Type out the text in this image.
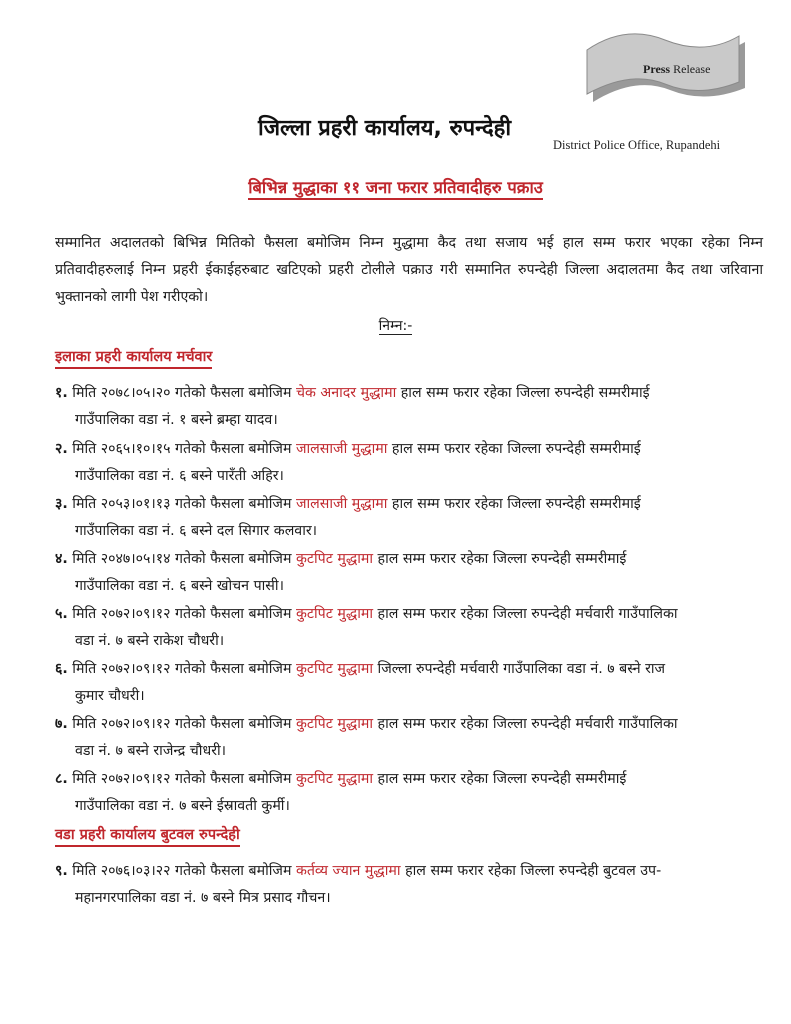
Press Release
जिल्ला प्रहरी कार्यालय, रुपन्देही
District Police Office, Rupandehi
बिभिन्न मुद्धाका ११ जना फरार प्रतिवादीहरु पक्राउ
सम्मानित अदालतको बिभिन्न मितिको फैसला बमोजिम निम्न मुद्धामा कैद तथा सजाय भई हाल सम्म फरार भएका रहेका निम्न प्रतिवादीहरुलाई निम्न प्रहरी ईकाईहरुबाट खटिएको प्रहरी टोलीले पक्राउ गरी सम्मानित रुपन्देही जिल्ला अदालतमा कैद तथा जरिवाना भुक्तानको लागी पेश गरीएको।
निम्न:-
इलाका प्रहरी कार्यालय मर्चवार
१. मिति २०७८।०५।२० गतेको फैसला बमोजिम चेक अनादर मुद्धामा हाल सम्म फरार रहेका जिल्ला रुपन्देही सम्मरीमाई
गाउँपालिका वडा नं. १ बस्ने ब्रम्हा यादव।
२. मिति २०६५।१०।१५ गतेको फैसला बमोजिम जालसाजी मुद्धामा हाल सम्म फरार रहेका जिल्ला रुपन्देही सम्मरीमाई
गाउँपालिका वडा नं. ६ बस्ने पारँती अहिर।
३. मिति २०५३।०१।१३ गतेको फैसला बमोजिम जालसाजी मुद्धामा हाल सम्म फरार रहेका जिल्ला रुपन्देही सम्मरीमाई
गाउँपालिका वडा नं. ६ बस्ने दल सिगार कलवार।
४. मिति २०४७।०५।१४ गतेको फैसला बमोजिम कुटपिट मुद्धामा हाल सम्म फरार रहेका जिल्ला रुपन्देही सम्मरीमाई
गाउँपालिका वडा नं. ६ बस्ने खोचन पासी।
५. मिति २०७२।०९।१२ गतेको फैसला बमोजिम कुटपिट मुद्धामा हाल सम्म फरार रहेका जिल्ला रुपन्देही मर्चवारी गाउँपालिका
वडा नं. ७ बस्ने राकेश चौधरी।
६. मिति २०७२।०९।१२ गतेको फैसला बमोजिम कुटपिट मुद्धामा जिल्ला रुपन्देही मर्चवारी गाउँपालिका वडा नं. ७ बस्ने राज
कुमार चौधरी।
७. मिति २०७२।०९।१२ गतेको फैसला बमोजिम कुटपिट मुद्धामा हाल सम्म फरार रहेका जिल्ला रुपन्देही मर्चवारी गाउँपालिका
वडा नं. ७ बस्ने राजेन्द्र चौधरी।
८. मिति २०७२।०९।१२ गतेको फैसला बमोजिम कुटपिट मुद्धामा हाल सम्म फरार रहेका जिल्ला रुपन्देही सम्मरीमाई
गाउँपालिका वडा नं. ७ बस्ने ईस्रावती कुर्मी।
वडा प्रहरी कार्यालय बुटवल रुपन्देही
९. मिति २०७६।०३।२२ गतेको फैसला बमोजिम कर्तव्य ज्यान मुद्धामा हाल सम्म फरार रहेका जिल्ला रुपन्देही बुटवल उप-
महानगरपालिका वडा नं. ७ बस्ने मित्र प्रसाद गौचन।
